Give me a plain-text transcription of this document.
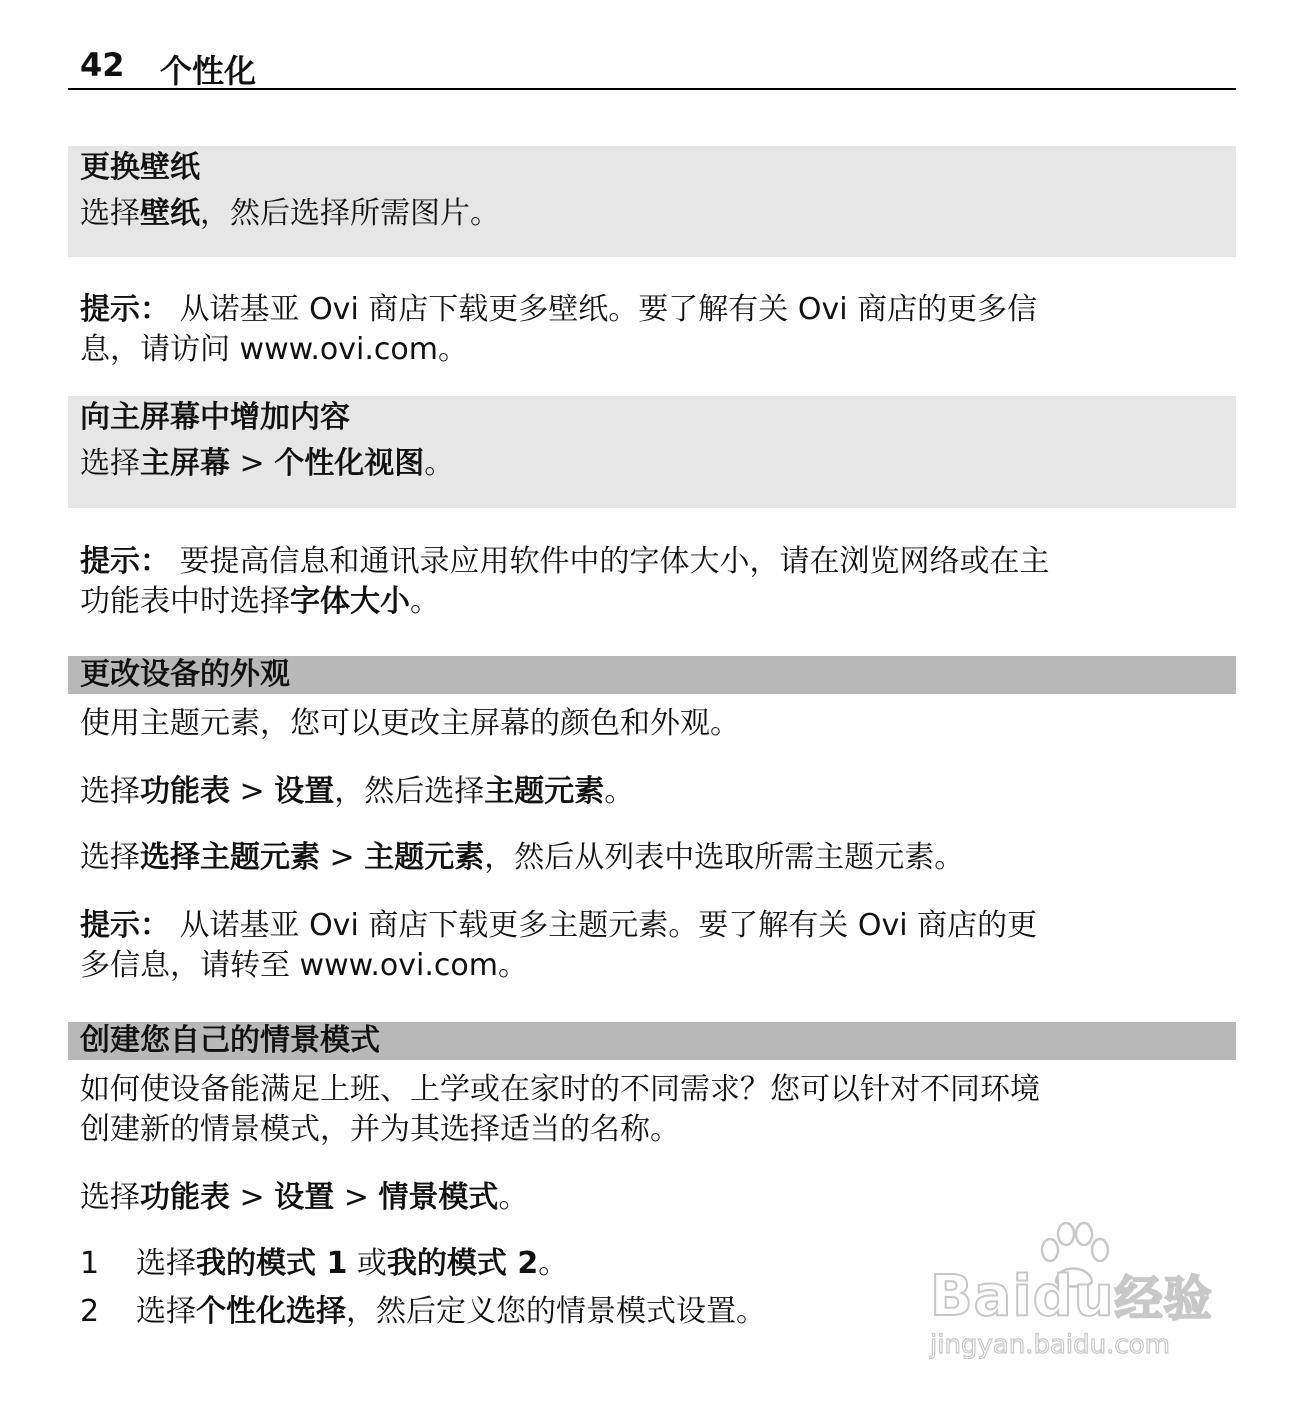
42 个性化
更换壁纸
选择壁纸，然后选择所需图片。
提示： 从诺基亚 Ovi 商店下载更多壁纸。要了解有关 Ovi 商店的更多信
息，请访问 www.ovi.com。
向主屏幕中增加内容
选择主屏幕 > 个性化视图。
提示： 要提高信息和通讯录应用软件中的字体大小，请在浏览网络或在主
功能表中时选择字体大小。
更改设备的外观
使用主题元素，您可以更改主屏幕的颜色和外观。
选择功能表 > 设置，然后选择主题元素。
选择选择主题元素 > 主题元素，然后从列表中选取所需主题元素。
提示： 从诺基亚 Ovi 商店下载更多主题元素。要了解有关 Ovi 商店的更
多信息，请转至 www.ovi.com。
创建您自己的情景模式
如何使设备能满足上班、上学或在家时的不同需求？您可以针对不同环境
创建新的情景模式，并为其选择适当的名称。
选择功能表 > 设置 > 情景模式。
1 选择我的模式 1 或我的模式 2。
2 选择个性化选择，然后定义您的情景模式设置。	Baidu经验
jingyan.baidu.com
